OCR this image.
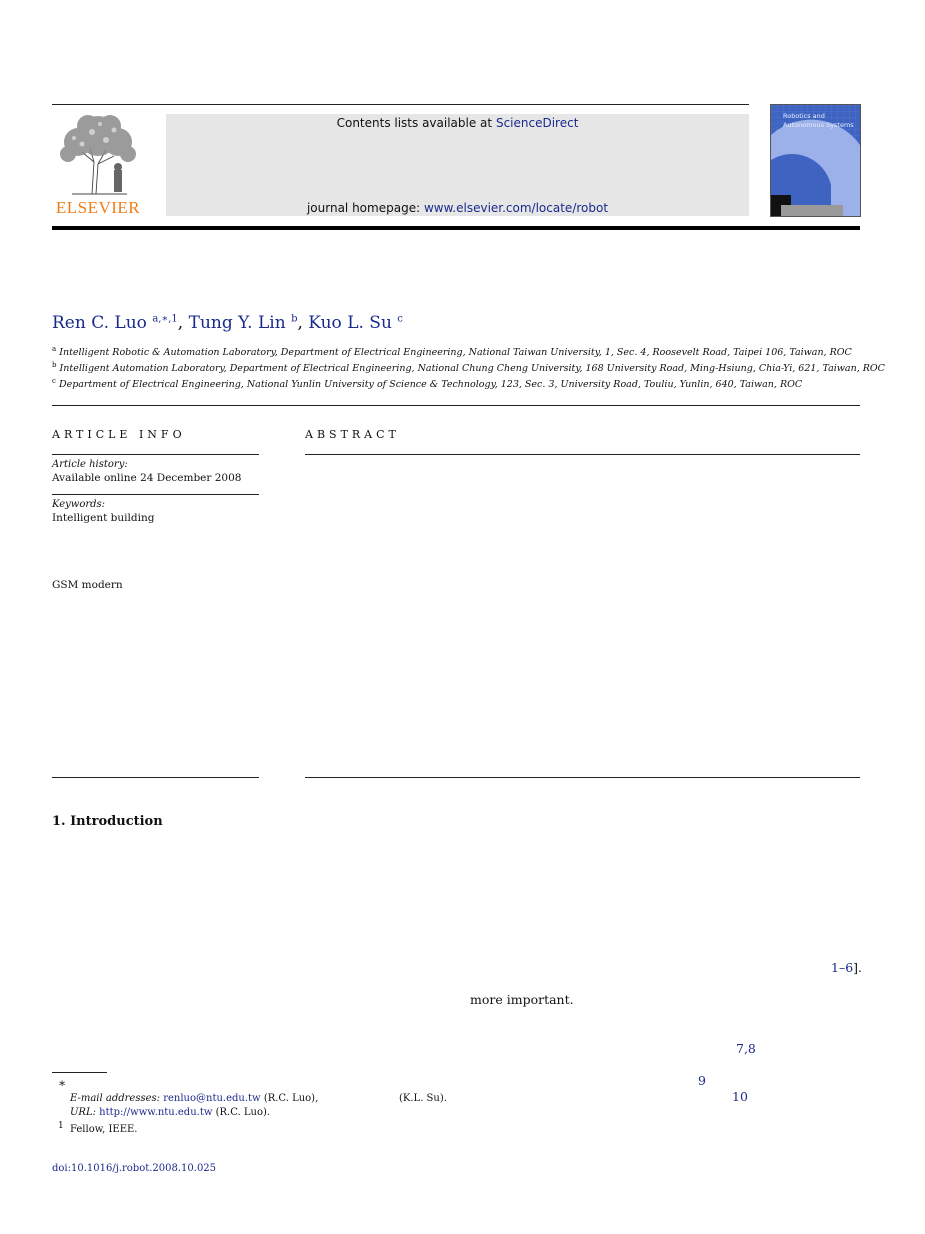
ELSEVIER
Contents lists available at ScienceDirect
journal homepage: www.elsevier.com/locate/robot
Robotics and
Autonomous Systems
Ren C. Luo $^{a,∗,1}$, Tung Y. Lin $^b$, Kuo L. Su $^c$
$^a$ Intelligent Robotic & Automation Laboratory, Department of Electrical Engineering, National Taiwan University, 1, Sec. 4, Roosevelt Road, Taipei 106, Taiwan, ROC
$^b$ Intelligent Automation Laboratory, Department of Electrical Engineering, National Chung Cheng University, 168 University Road, Ming-Hsiung, Chia-Yi, 621, Taiwan, ROC
$^c$ Department of Electrical Engineering, National Yunlin University of Science & Technology, 123, Sec. 3, University Road, Touliu, Yunlin, 640, Taiwan, ROC
ARTICLE INFO	ABSTRACT
Article history:
Available online 24 December 2008
Keywords:
Intelligent building
GSM modern
1. Introduction
1–6].
more important.
7,8
9
10
∗
E-mail addresses: renluo@ntu.edu.tw (R.C. Luo),	(K.L. Su).
URL: http://www.ntu.edu.tw (R.C. Luo).
1 Fellow, IEEE.
doi:10.1016/j.robot.2008.10.025
